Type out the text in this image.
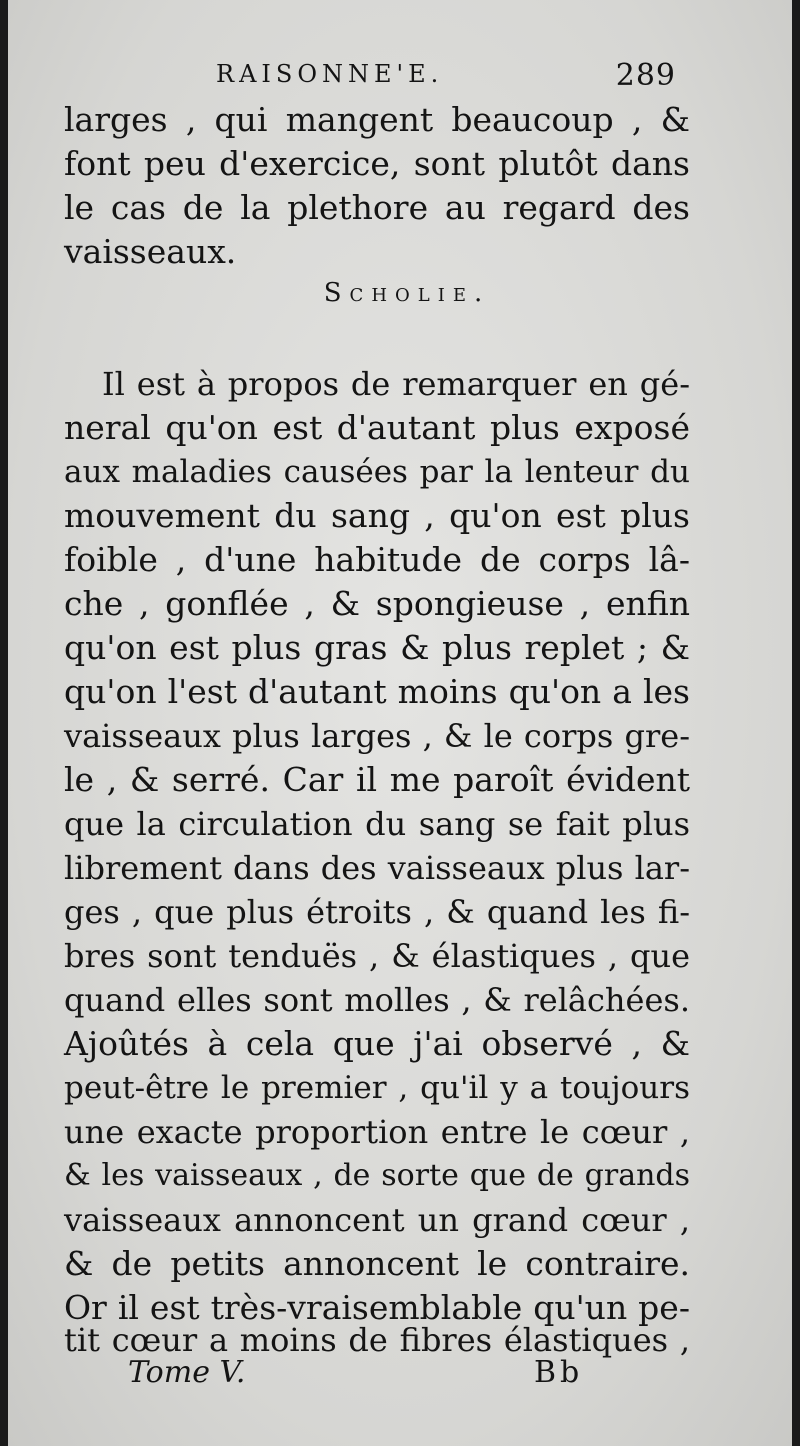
RAISONNE'E.	289
larges , qui mangent beaucoup , &
font peu d'exercice, sont plutôt dans
le cas de la plethore au regard des
vaisseaux.
Scholie.
Il est à propos de remarquer en gé-
neral qu'on est d'autant plus exposé
aux maladies causées par la lenteur du
mouvement du sang , qu'on est plus
foible , d'une habitude de corps lâ-
che , gonflée , & spongieuse , enfin
qu'on est plus gras & plus replet ; &
qu'on l'est d'autant moins qu'on a les
vaisseaux plus larges , & le corps gre-
le , & serré. Car il me paroît évident
que la circulation du sang se fait plus
librement dans des vaisseaux plus lar-
ges , que plus étroits , & quand les fi-
bres sont tenduës , & élastiques , que
quand elles sont molles , & relâchées.
Ajoûtés à cela que j'ai observé , &
peut-être le premier , qu'il y a toujours
une exacte proportion entre le cœur ,
& les vaisseaux , de sorte que de grands
vaisseaux annoncent un grand cœur ,
& de petits annoncent le contraire.
Or il est très-vraisemblable qu'un pe-
tit cœur a moins de fibres élastiques ,
Tome V.	Bb
